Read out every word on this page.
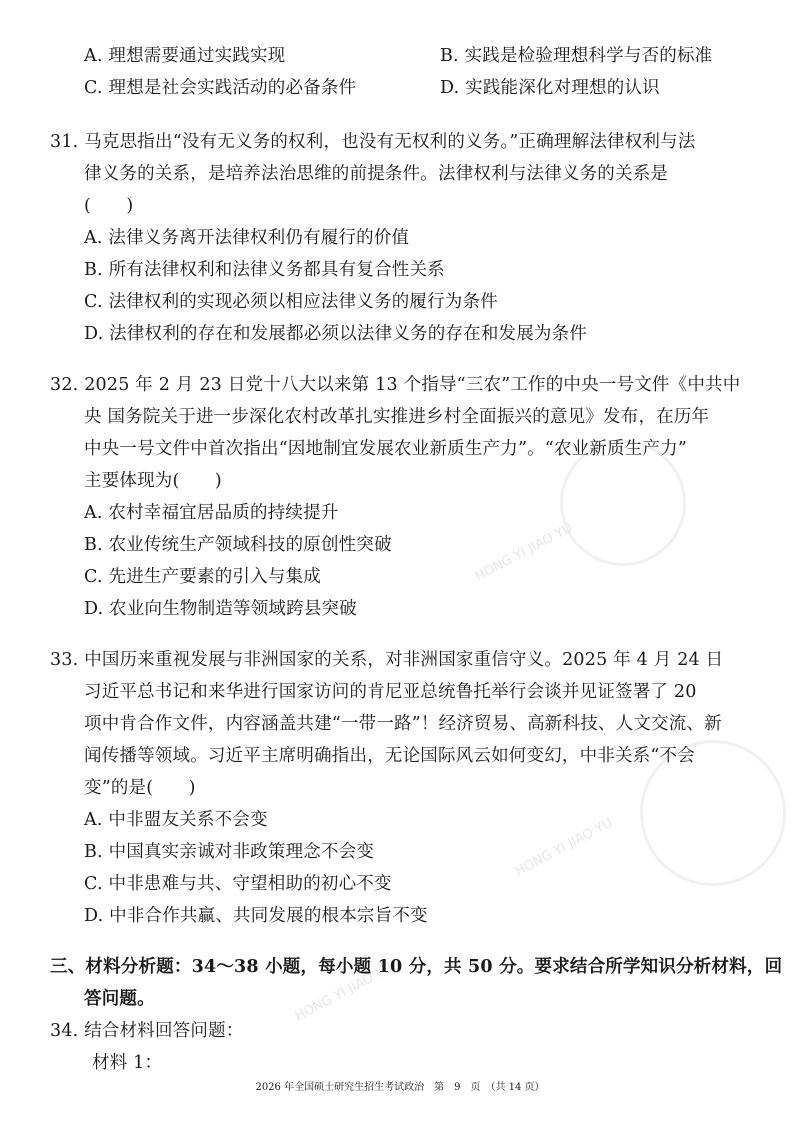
HONG YI JIAO YU
HONG YI JIAO YU
HONG YI JIAO YU
A. 理想需要通过实践实现	B. 实践是检验理想科学与否的标准
C. 理想是社会实践活动的必备条件	D. 实践能深化对理想的认识
31. 马克思指出“没有无义务的权利，也没有无权利的义务。”正确理解法律权利与法
律义务的关系，是培养法治思维的前提条件。法律权利与法律义务的关系是
(　　)
A. 法律义务离开法律权利仍有履行的价值
B. 所有法律权利和法律义务都具有复合性关系
C. 法律权利的实现必须以相应法律义务的履行为条件
D. 法律权利的存在和发展都必须以法律义务的存在和发展为条件
32. 2025 年 2 月 23 日党十八大以来第 13 个指导“三农”工作的中央一号文件《中共中
央 国务院关于进一步深化农村改革扎实推进乡村全面振兴的意见》发布，在历年
中央一号文件中首次指出“因地制宜发展农业新质生产力”。“农业新质生产力”
主要体现为(　　)
A. 农村幸福宜居品质的持续提升
B. 农业传统生产领域科技的原创性突破
C. 先进生产要素的引入与集成
D. 农业向生物制造等领域跨县突破
33. 中国历来重视发展与非洲国家的关系，对非洲国家重信守义。2025 年 4 月 24 日
习近平总书记和来华进行国家访问的肯尼亚总统鲁托举行会谈并见证签署了 20
项中肯合作文件，内容涵盖共建“一带一路”！经济贸易、高新科技、人文交流、新
闻传播等领域。习近平主席明确指出，无论国际风云如何变幻，中非关系“不会
变”的是(　　)
A. 中非盟友关系不会变
B. 中国真实亲诚对非政策理念不会变
C. 中非患难与共、守望相助的初心不变
D. 中非合作共赢、共同发展的根本宗旨不变
三、材料分析题：34～38 小题，每小题 10 分，共 50 分。要求结合所学知识分析材料，回
答问题。
34. 结合材料回答问题：
材料 1：
2026 年全国硕士研究生招生考试政治　第　9　页　（共 14 页）
